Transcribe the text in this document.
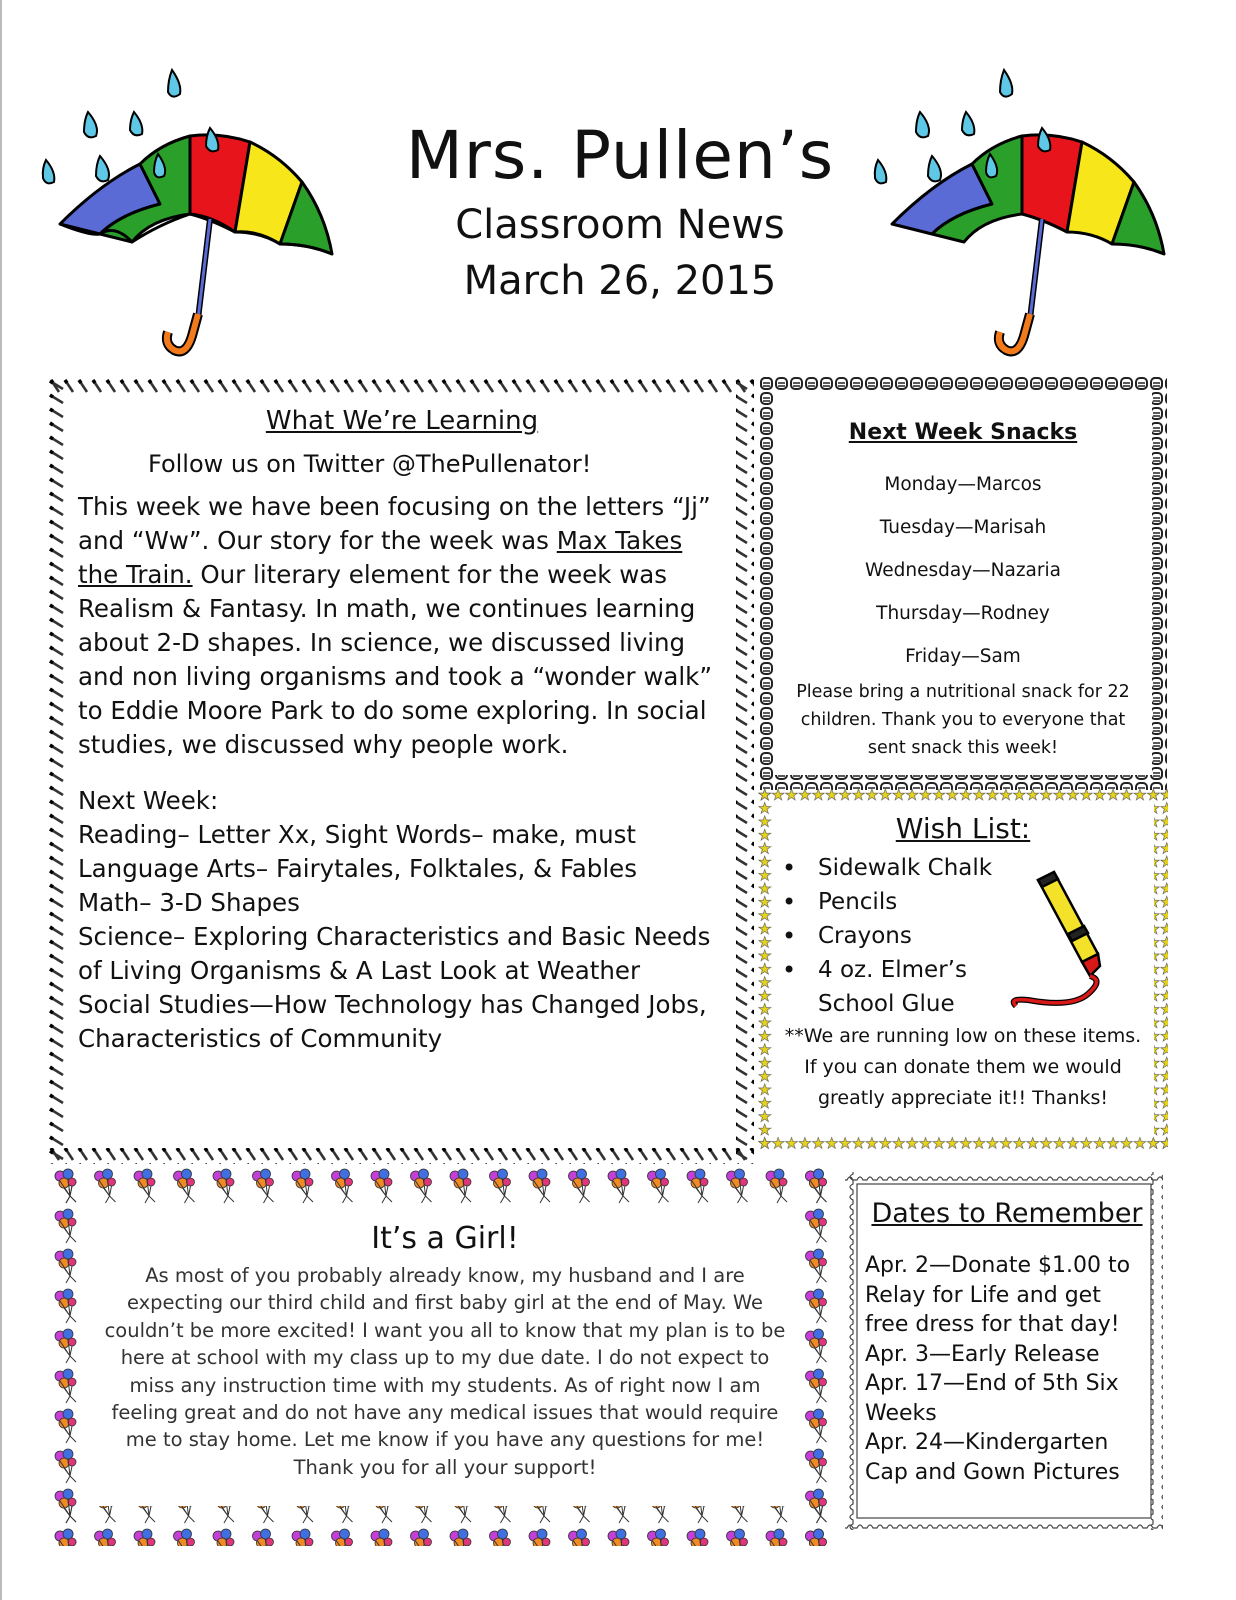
Mrs. Pullen’s
Classroom News
March 26, 2015
What We’re Learning
Follow us on Twitter @ThePullenator!

This week we have been focusing on the letters “Jj” and “Ww”. Our story for the week was Max Takes the Train. Our literary element for the week was Realism & Fantasy. In math, we continues learning about 2-D shapes. In science, we discussed living and non living organisms and took a “wonder walk” to Eddie Moore Park to do some exploring. In social studies, we discussed why people work.

Next Week:
Reading– Letter Xx, Sight Words– make, must
Language Arts– Fairytales, Folktales, & Fables
Math– 3-D Shapes
Science– Exploring Characteristics and Basic Needs of Living Organisms & A Last Look at Weather
Social Studies—How Technology has Changed Jobs, Characteristics of Community
Next Week Snacks
Monday—Marcos
Tuesday—Marisah
Wednesday—Nazaria
Thursday—Rodney
Friday—Sam
Please bring a nutritional snack for 22 children. Thank you to everyone that sent snack this week!
Wish List:
• Sidewalk Chalk
• Pencils
• Crayons
• 4 oz. Elmer’s School Glue
**We are running low on these items. If you can donate them we would greatly appreciate it!! Thanks!
It’s a Girl!

As most of you probably already know, my husband and I are expecting our third child and first baby girl at the end of May. We couldn’t be more excited! I want you all to know that my plan is to be here at school with my class up to my due date. I do not expect to miss any instruction time with my students. As of right now I am feeling great and do not have any medical issues that would require me to stay home. Let me know if you have any questions for me! Thank you for all your support!

Dates to Remember
Apr. 2—Donate $1.00 to Relay for Life and get free dress for that day!
Apr. 3—Early Release
Apr. 17—End of 5th Six Weeks
Apr. 24—Kindergarten Cap and Gown Pictures
